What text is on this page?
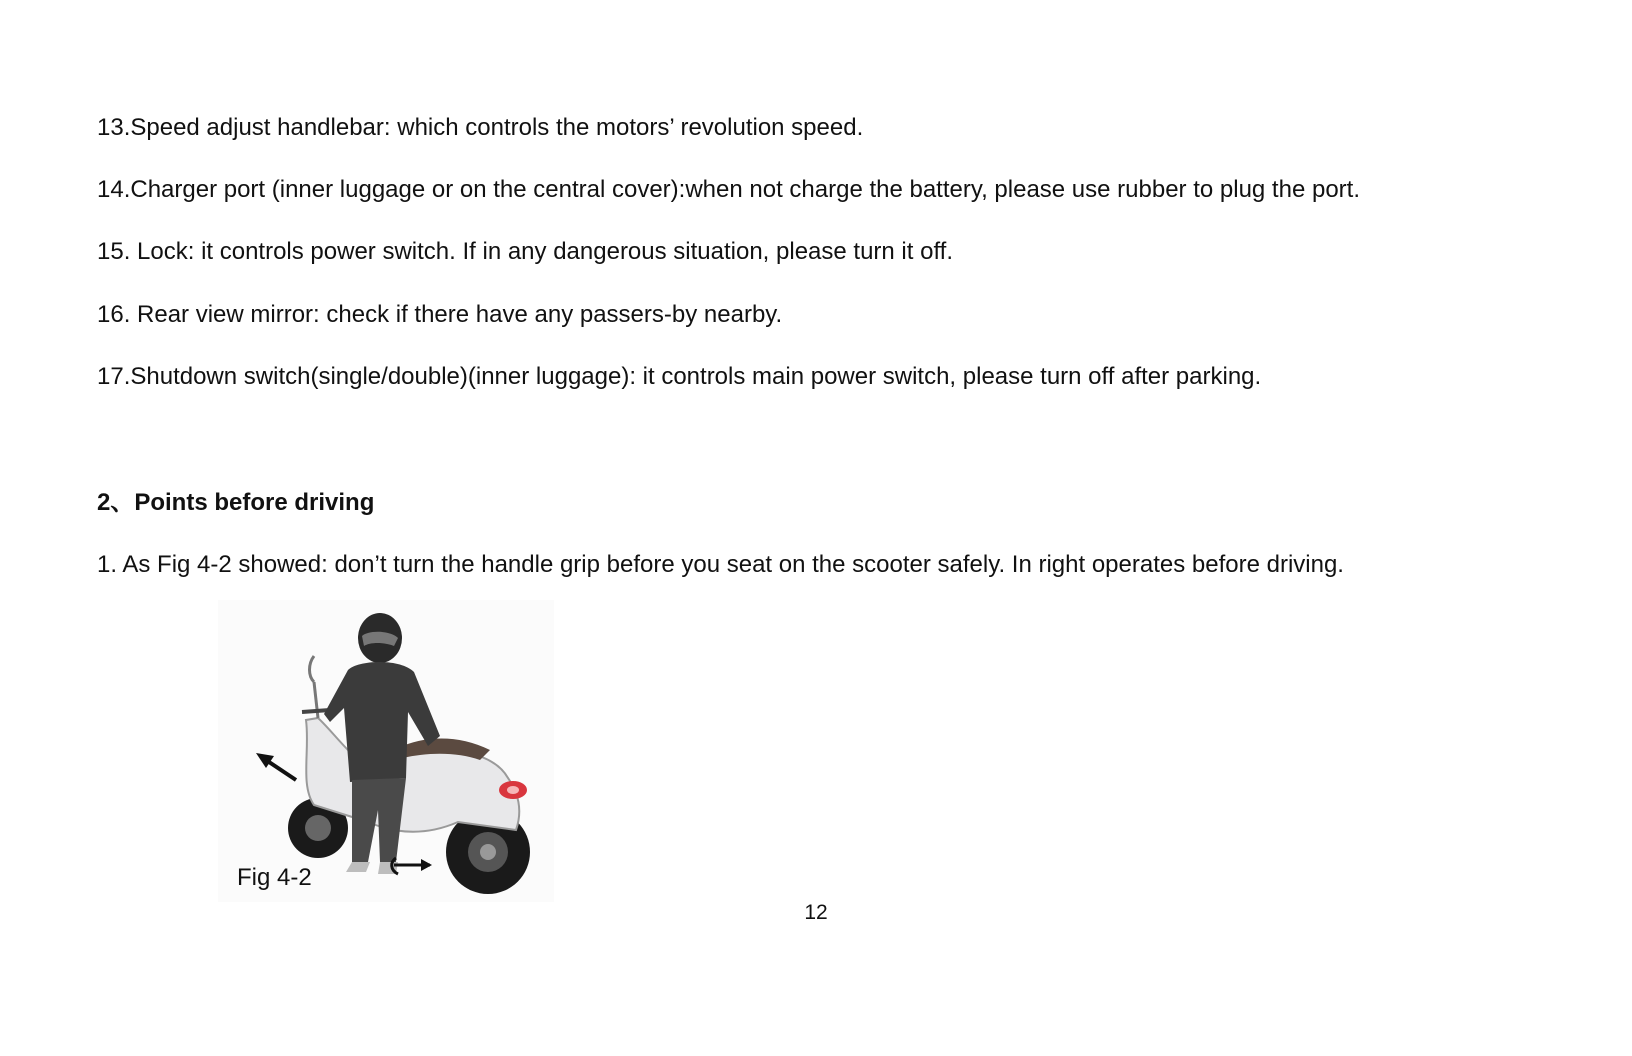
13.Speed adjust handlebar: which controls the motors’ revolution speed.
14.Charger port (inner luggage or on the central cover):when not charge the battery, please use rubber to plug the port.
15. Lock: it controls power switch. If in any dangerous situation, please turn it off.
16. Rear view mirror: check if there have any passers-by nearby.
17.Shutdown switch(single/double)(inner luggage): it controls main power switch, please turn off after parking.
2、Points before driving
1. As Fig 4-2 showed: don’t turn the handle grip before you seat on the scooter safely. In right operates before driving.
Fig 4-2
12
